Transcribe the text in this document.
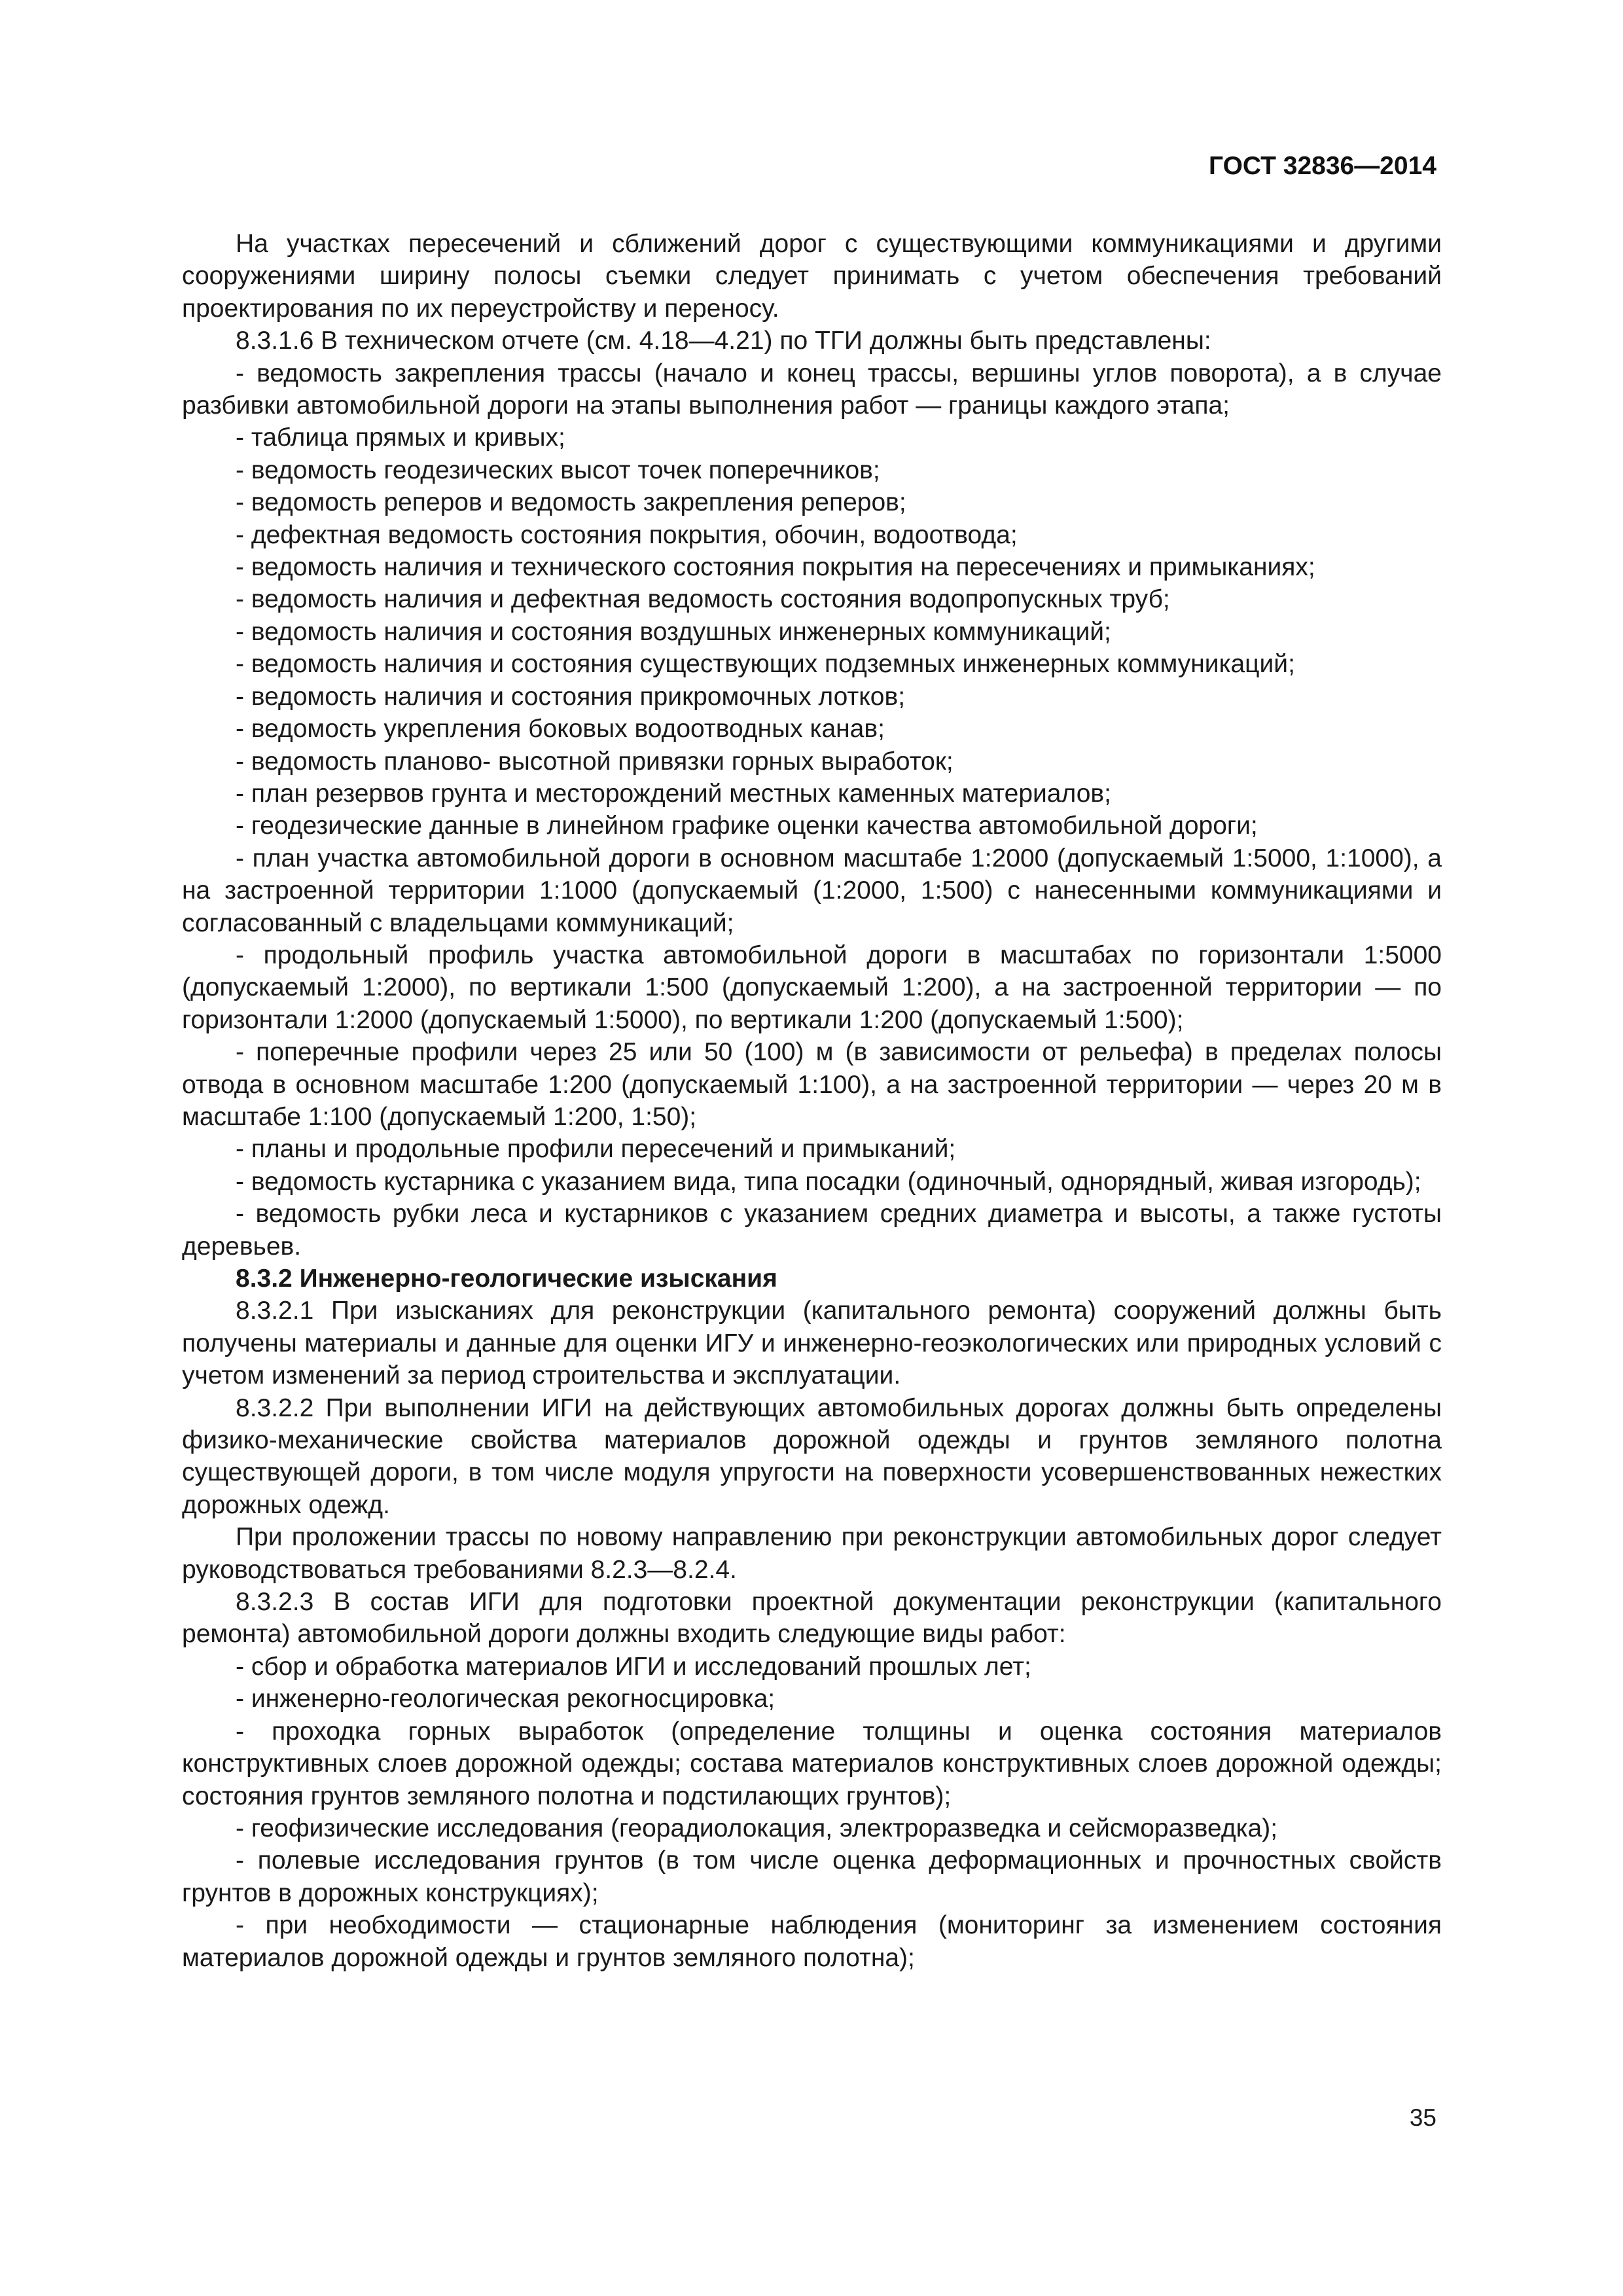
ГОСТ 32836—2014

На участках пересечений и сближений дорог с существующими коммуникациями и другими сооружениями ширину полосы съемки следует принимать с учетом обеспечения требований проектирования по их переустройству и переносу.

8.3.1.6 В техническом отчете (см. 4.18—4.21) по ТГИ должны быть представлены:

- ведомость закрепления трассы (начало и конец трассы, вершины углов поворота), а в случае разбивки автомобильной дороги на этапы выполнения работ — границы каждого этапа;

- таблица прямых и кривых;

- ведомость геодезических высот точек поперечников;

- ведомость реперов и ведомость закрепления реперов;

- дефектная ведомость состояния покрытия, обочин, водоотвода;

- ведомость наличия и технического состояния покрытия на пересечениях и примыканиях;

- ведомость наличия и дефектная ведомость состояния водопропускных труб;

- ведомость наличия и состояния воздушных инженерных коммуникаций;

- ведомость наличия и состояния существующих подземных инженерных коммуникаций;

- ведомость наличия и состояния прикромочных лотков;

- ведомость укрепления боковых водоотводных канав;

- ведомость планово- высотной привязки горных выработок;

- план резервов грунта и месторождений местных каменных материалов;

- геодезические данные в линейном графике оценки качества автомобильной дороги;

- план участка автомобильной дороги в основном масштабе 1:2000 (допускаемый 1:5000, 1:1000), а на застроенной территории 1:1000 (допускаемый (1:2000, 1:500) с нанесенными коммуникациями и согласованный с владельцами коммуникаций;

- продольный профиль участка автомобильной дороги в масштабах по горизонтали 1:5000 (допускаемый 1:2000), по вертикали 1:500 (допускаемый 1:200), а на застроенной территории — по горизонтали 1:2000 (допускаемый 1:5000), по вертикали 1:200 (допускаемый 1:500);

- поперечные профили через 25 или 50 (100) м (в зависимости от рельефа) в пределах полосы отвода в основном масштабе 1:200 (допускаемый 1:100), а на застроенной территории — через 20 м в масштабе 1:100 (допускаемый 1:200, 1:50);

- планы и продольные профили пересечений и примыканий;

- ведомость кустарника с указанием вида, типа посадки (одиночный, однорядный, живая изгородь);

- ведомость рубки леса и кустарников с указанием средних диаметра и высоты, а также густоты деревьев.

8.3.2 Инженерно-геологические изыскания

8.3.2.1 При изысканиях для реконструкции (капитального ремонта) сооружений должны быть получены материалы и данные для оценки ИГУ и инженерно-геоэкологических или природных условий с учетом изменений за период строительства и эксплуатации.

8.3.2.2 При выполнении ИГИ на действующих автомобильных дорогах должны быть определены физико-механические свойства материалов дорожной одежды и грунтов земляного полотна существующей дороги, в том числе модуля упругости на поверхности усовершенствованных нежестких дорожных одежд.

При проложении трассы по новому направлению при реконструкции автомобильных дорог следует руководствоваться требованиями 8.2.3—8.2.4.

8.3.2.3 В состав ИГИ для подготовки проектной документации реконструкции (капитального ремонта) автомобильной дороги должны входить следующие виды работ:

- сбор и обработка материалов ИГИ и исследований прошлых лет;

- инженерно-геологическая рекогносцировка;

- проходка горных выработок (определение толщины и оценка состояния материалов конструктивных слоев дорожной одежды; состава материалов конструктивных слоев дорожной одежды; состояния грунтов земляного полотна и подстилающих грунтов);

- геофизические исследования (георадиолокация, электроразведка и сейсморазведка);

- полевые исследования грунтов (в том числе оценка деформационных и прочностных свойств грунтов в дорожных конструкциях);

- при необходимости — стационарные наблюдения (мониторинг за изменением состояния материалов дорожной одежды и грунтов земляного полотна);

35
